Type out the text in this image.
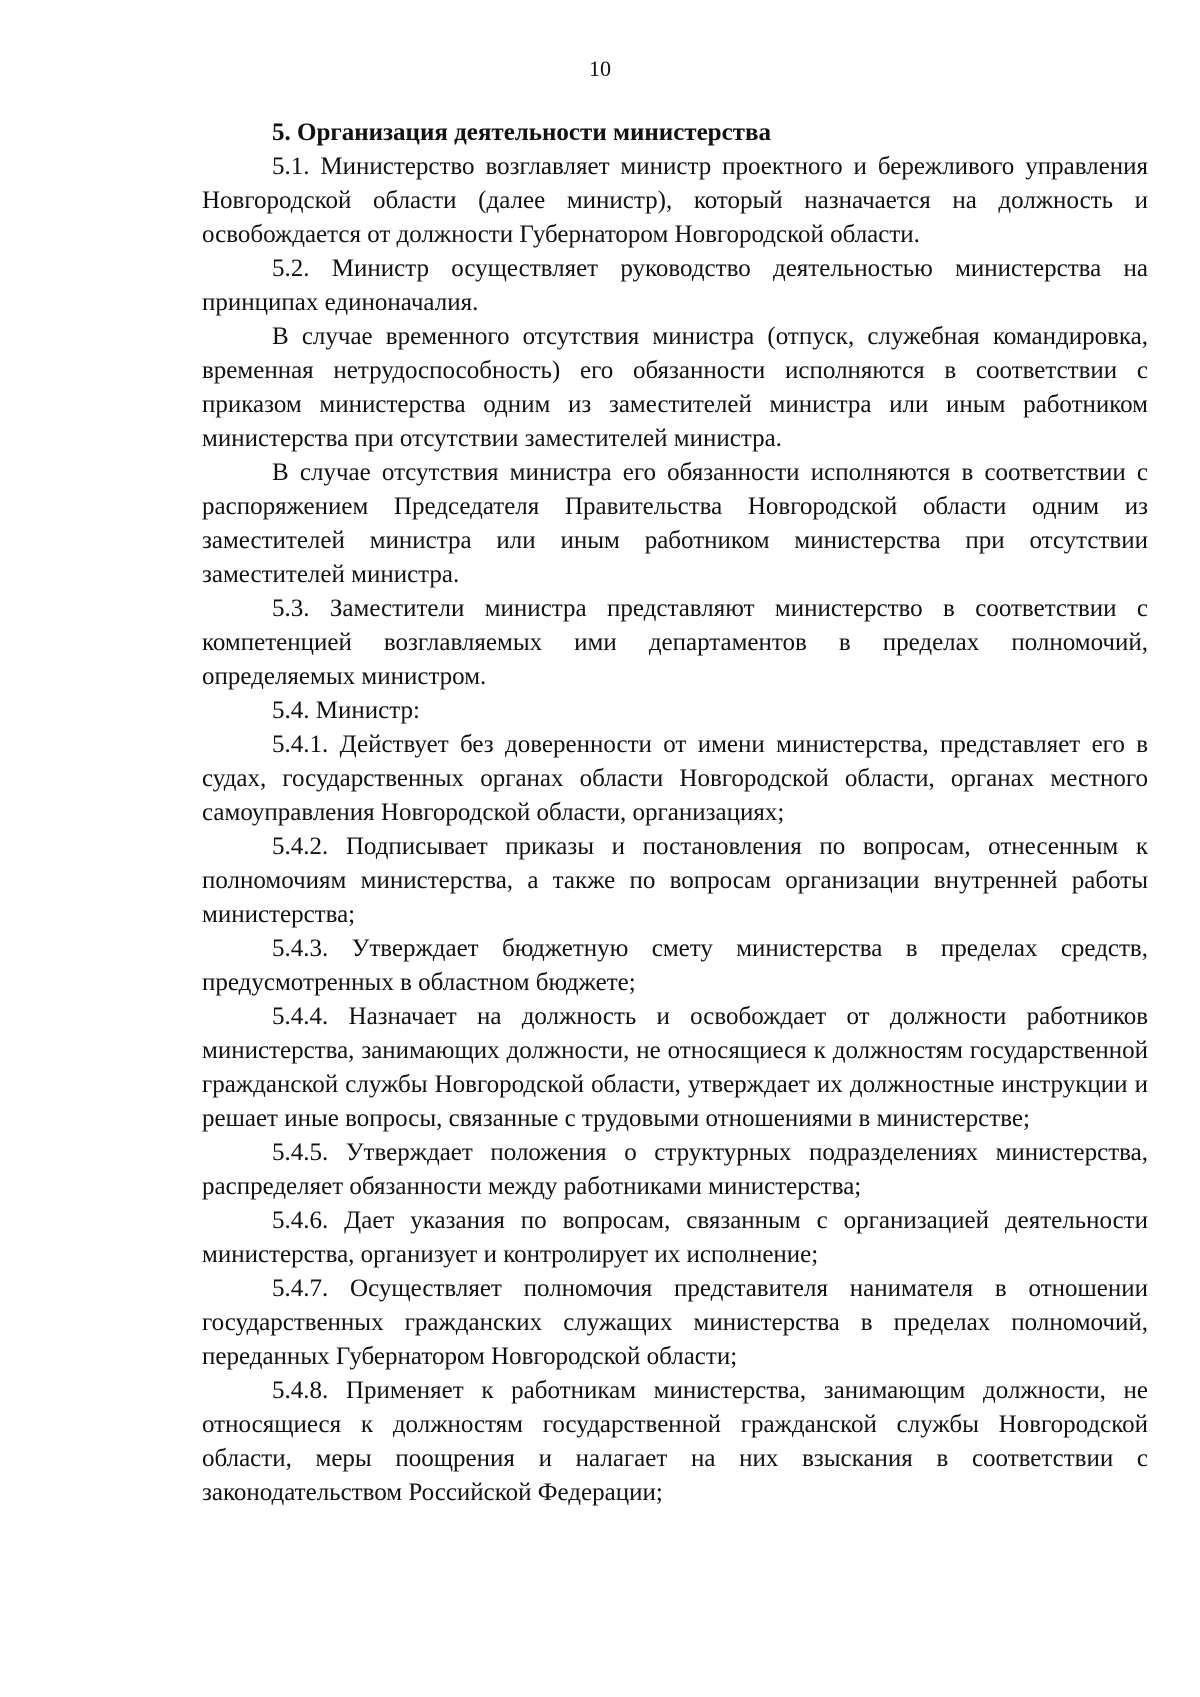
10

5. Организация деятельности министерства

5.1. Министерство возглавляет министр проектного и бережливого управления Новгородской области (далее министр), который назначается на должность и освобождается от должности Губернатором Новгородской области.

5.2. Министр осуществляет руководство деятельностью министерства на принципах единоначалия.

В случае временного отсутствия министра (отпуск, служебная командировка, временная нетрудоспособность) его обязанности исполняются в соответствии с приказом министерства одним из заместителей министра или иным работником министерства при отсутствии заместителей министра.

В случае отсутствия министра его обязанности исполняются в соответствии с распоряжением Председателя Правительства Новгородской области одним из заместителей министра или иным работником министерства при отсутствии заместителей министра.

5.3. Заместители министра представляют министерство в соответствии с компетенцией возглавляемых ими департаментов в пределах полномочий, определяемых министром.

5.4. Министр:

5.4.1. Действует без доверенности от имени министерства, представляет его в судах, государственных органах области Новгородской области, органах местного самоуправления Новгородской области, организациях;

5.4.2. Подписывает приказы и постановления по вопросам, отнесенным к полномочиям министерства, а также по вопросам организации внутренней работы министерства;

5.4.3. Утверждает бюджетную смету министерства в пределах средств, предусмотренных в областном бюджете;

5.4.4. Назначает на должность и освобождает от должности работников министерства, занимающих должности, не относящиеся к должностям государственной гражданской службы Новгородской области, утверждает их должностные инструкции и решает иные вопросы, связанные с трудовыми отношениями в министерстве;

5.4.5. Утверждает положения о структурных подразделениях министерства, распределяет обязанности между работниками министерства;

5.4.6. Дает указания по вопросам, связанным с организацией деятельности министерства, организует и контролирует их исполнение;

5.4.7. Осуществляет полномочия представителя нанимателя в отношении государственных гражданских служащих министерства в пределах полномочий, переданных Губернатором Новгородской области;

5.4.8. Применяет к работникам министерства, занимающим должности, не относящиеся к должностям государственной гражданской службы Новгородской области, меры поощрения и налагает на них взыскания в соответствии с законодательством Российской Федерации;
